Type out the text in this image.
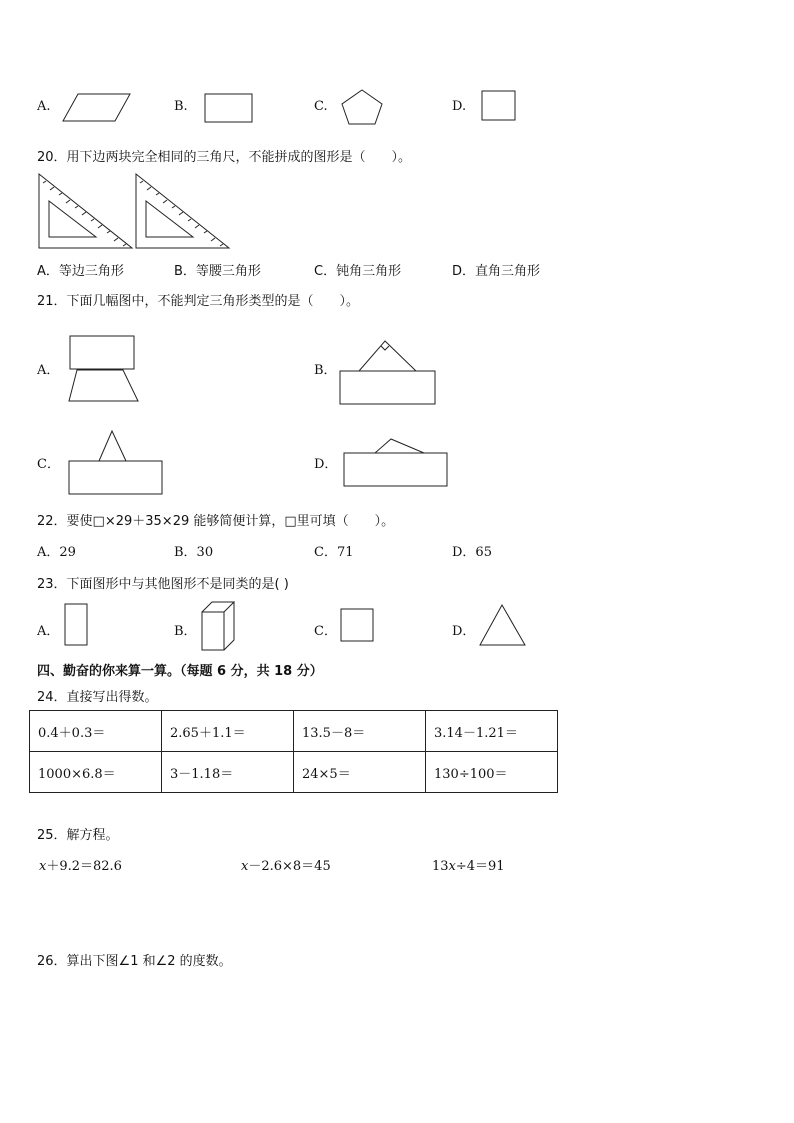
A.	B.	C.	D.
20．用下边两块完全相同的三角尺，不能拼成的图形是（　　）。
A．等边三角形	B．等腰三角形	C．钝角三角形	D．直角三角形
21．下面几幅图中，不能判定三角形类型的是（　　）。
A．	B．
C．	D．
22．要使□×29＋35×29 能够简便计算，□里可填（　　）。
A．29	B．30	C．71	D．65
23．下面图形中与其他图形不是同类的是( )
A．	B．	C．	D．
四、勤奋的你来算一算。（每题 6 分，共 18 分）
24．直接写出得数。
0.4＋0.3＝	2.65＋1.1＝	13.5－8＝	3.14－1.21＝
1000×6.8＝	3－1.18＝	24×5＝	130÷100＝
25．解方程。
𝑥＋9.2＝82.6	𝑥－2.6×8＝45	13𝑥÷4＝91
26．算出下图∠1 和∠2 的度数。
